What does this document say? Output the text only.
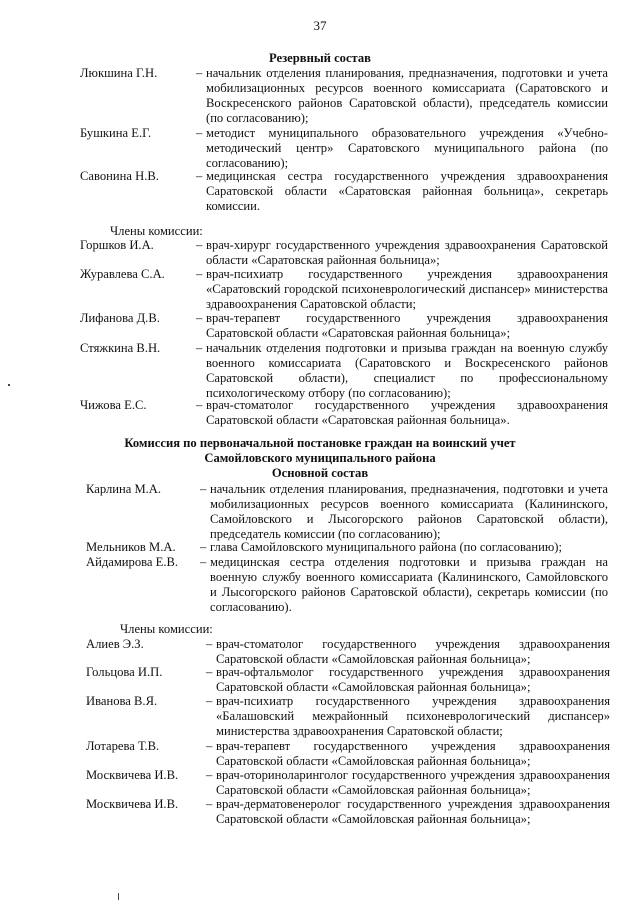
37
Резервный состав
Люкшина Г.Н.	– начальник отделения планирования, предназначения, подготовки и учета мобилизационных ресурсов военного комиссариата (Саратовского и Воскресенского районов Саратовской области), председатель комиссии (по согласованию);
Бушкина Е.Г.	– методист муниципального образовательного учреждения «Учебно-методический центр» Саратовского муниципального района (по согласованию);
Савонина Н.В.	– медицинская сестра государственного учреждения здравоохранения Саратовской области «Саратовская районная больница», секретарь комиссии.
Члены комиссии:
Горшков И.А.	– врач-хирург государственного учреждения здравоохранения Саратовской области «Саратовская районная больница»;
Журавлева С.А. – врач-психиатр государственного учреждения здравоохранения «Саратовский городской психоневрологический диспансер» министерства здравоохранения Саратовской области;
Лифанова Д.В.	– врач-терапевт государственного учреждения здравоохранения Саратовской области «Саратовская районная больница»;
Стяжкина В.Н.	– начальник отделения подготовки и призыва граждан на военную службу военного комиссариата (Саратовского и Воскресенского районов Саратовской области), специалист по профессиональному психологическому отбору (по согласованию);
Чижова Е.С.	– врач-стоматолог государственного учреждения здравоохранения Саратовской области «Саратовская районная больница».
Комиссия по первоначальной постановке граждан на воинский учет
Самойловского муниципального района
Основной состав
Карлина М.А.	– начальник отделения планирования, предназначения, подготовки и учета мобилизационных ресурсов военного комиссариата (Калининского, Самойловского и Лысогорского районов Саратовской области), председатель комиссии (по согласованию);
Мельников М.А. – глава Самойловского муниципального района (по согласованию);
Айдамирова Е.В. – медицинская сестра отделения подготовки и призыва граждан на военную службу военного комиссариата (Калининского, Самойловского и Лысогорского районов Саратовской области), секретарь комиссии (по согласованию).
Члены комиссии:
Алиев Э.З.	– врач-стоматолог государственного учреждения здравоохранения Саратовской области «Самойловская районная больница»;
Гольцова И.П.	– врач-офтальмолог государственного учреждения здравоохранения Саратовской области «Самойловская районная больница»;
Иванова В.Я.	– врач-психиатр государственного учреждения здравоохранения «Балашовский межрайонный психоневрологический диспансер» министерства здравоохранения Саратовской области;
Лотарева Т.В.	– врач-терапевт государственного учреждения здравоохранения Саратовской области «Самойловская районная больница»;
Москвичева И.В. – врач-оториноларинголог государственного учреждения здравоохранения Саратовской области «Самойловская районная больница»;
Москвичева И.В. – врач-дерматовенеролог государственного учреждения здравоохранения Саратовской области «Самойловская районная больница»;
